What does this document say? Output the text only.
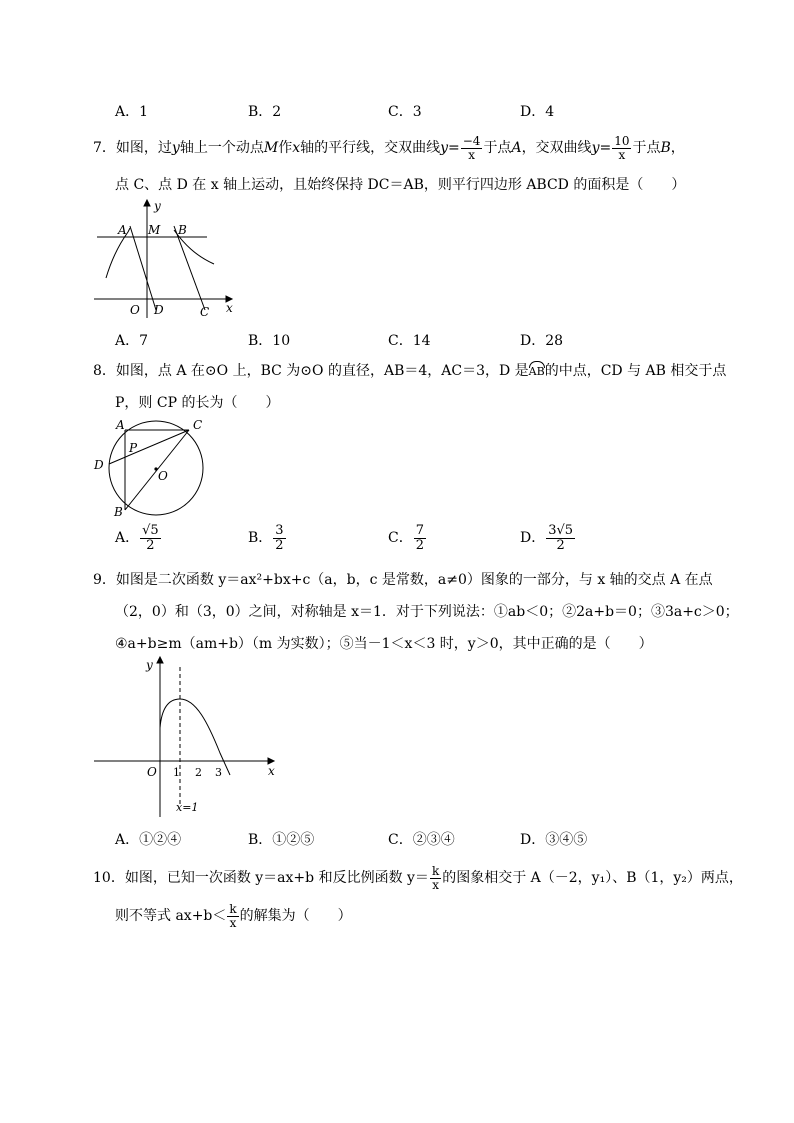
A．1	B．2	C．3	D．4
7．如图，过y轴上一个动点M作x轴的平行线，交双曲线$y= \frac{-4}{x}$ 于点A，交双曲线$y= \frac{10}{x}$ 于点B，
点 C、点 D 在 x 轴上运动，且始终保持 DC＝AB，则平行四边形 ABCD 的面积是（　　）
y
A M B
O D	C x
A．7	B．10	C．14	D．28
8．如图，点 A 在⊙O 上，BC 为⊙O 的直径，AB＝4，AC＝3，D 是AB的中点，CD 与 AB 相交于点
P，则 CP 的长为（　　）
A	C
P
D
O
B
A． $\frac{√5}{2}$	B． $\frac{3}{2}$	C． $\frac{7}{2}$	D． $\frac{3√5}{2}$
9．如图是二次函数 y＝ax²+bx+c（a，b，c 是常数，a≠0）图象的一部分，与 x 轴的交点 A 在点
（2，0）和（3，0）之间，对称轴是 x＝1．对于下列说法：①ab＜0；②2a+b＝0；③3a+c＞0；
④a+b≥m（am+b）（m 为实数）；⑤当－1＜x＜3 时，y＞0，其中正确的是（　　）
y
O 1 2 3	x
x=1
A．①②④	B．①②⑤	C．②③④	D．③④⑤
10．如图，已知一次函数 y＝ax+b 和反比例函数 $y= \frac{k}{x}$ 的图象相交于 A（－2，y₁）、B（1，y₂）两点，
则不等式 $ax+b< \frac{k}{x}$ 的解集为（　　）
